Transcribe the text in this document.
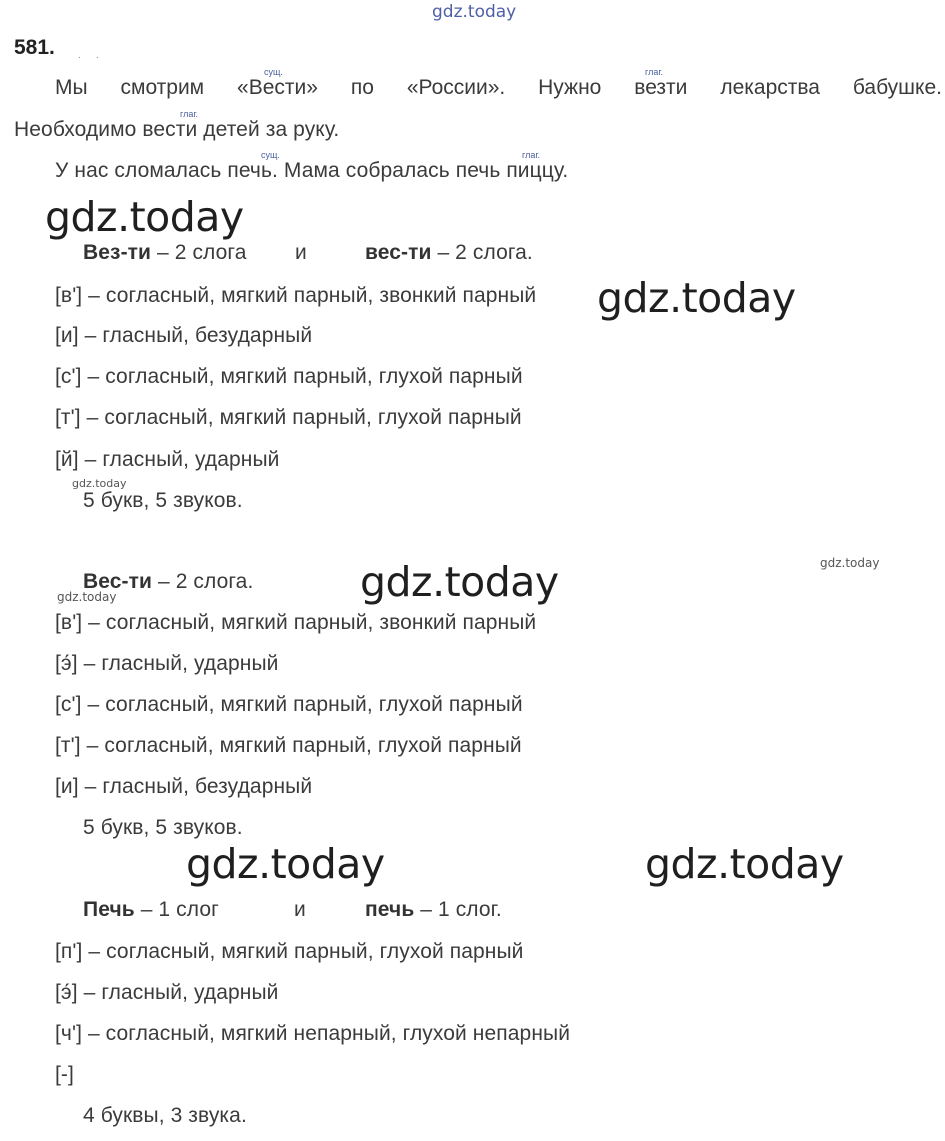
gdz.today
581. . .
Мы смотрим «Вести» по «России». Нужно везти лекарства бабушке.
сущ.	глаг.
глаг.
Необходимо вести детей за руку.
сущ.	глаг.
У нас сломалась печь. Мама собралась печь пиццу.
gdz.today
Вез-ти – 2 слога и	вес-ти – 2 слога.
[в'] – согласный, мягкий парный, звонкий парный gdz.today
[и] – гласный, безударный
[с'] – согласный, мягкий парный, глухой парный
[т'] – согласный, мягкий парный, глухой парный
[й] – гласный, ударный
gdz.today
5 букв, 5 звуков.
gdz.today
Вес-ти – 2 слога.	gdz.today
gdz.today
[в'] – согласный, мягкий парный, звонкий парный
[э́] – гласный, ударный
[с'] – согласный, мягкий парный, глухой парный
[т'] – согласный, мягкий парный, глухой парный
[и] – гласный, безударный
5 букв, 5 звуков.
gdz.today	gdz.today
Печь – 1 слог	и	печь – 1 слог.
[п'] – согласный, мягкий парный, глухой парный
[э́] – гласный, ударный
[ч'] – согласный, мягкий непарный, глухой непарный
[-]
4 буквы, 3 звука.
